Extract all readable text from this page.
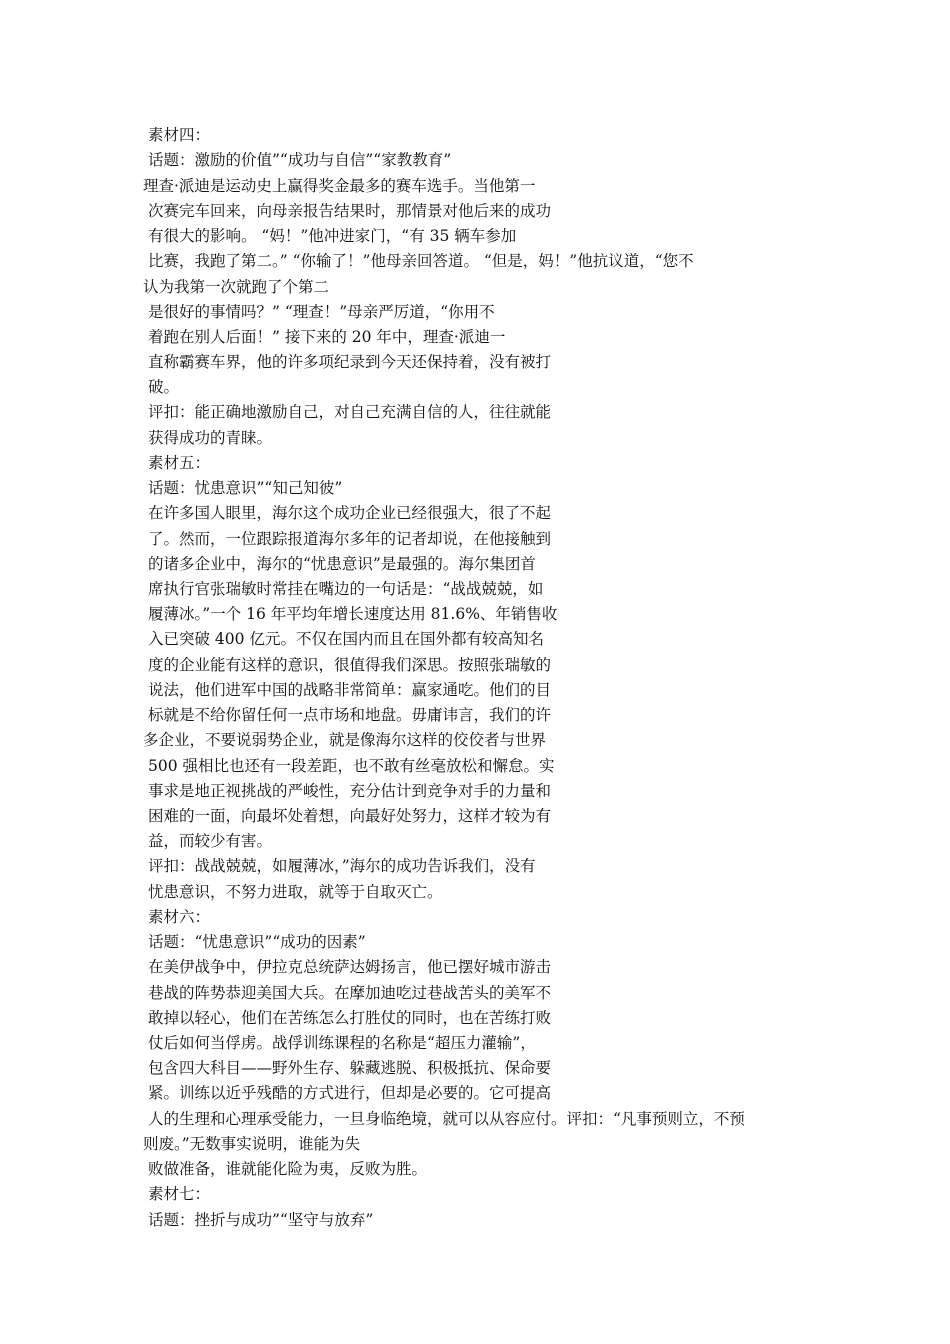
素材四：
话题：激励的价值”“成功与自信”“家教教育”
理查·派迪是运动史上赢得奖金最多的赛车选手。当他第一
次赛完车回来，向母亲报告结果时，那情景对他后来的成功
有很大的影响。 “妈！”他冲进家门，“有 35 辆车参加
比赛，我跑了第二。” “你输了！”他母亲回答道。 “但是，妈！”他抗议道，“您不
认为我第一次就跑了个第二
是很好的事情吗？” “理查！”母亲严厉道，“你用不
着跑在别人后面！” 接下来的 20 年中，理查·派迪一
直称霸赛车界，他的许多项纪录到今天还保持着，没有被打
破。
评扣：能正确地激励自己，对自己充满自信的人，往往就能
获得成功的青睐。
素材五：
话题：忧患意识”“知己知彼”
在许多国人眼里，海尔这个成功企业已经很强大，很了不起
了。然而，一位跟踪报道海尔多年的记者却说，在他接触到
的诸多企业中，海尔的“忧患意识”是最强的。海尔集团首
席执行官张瑞敏时常挂在嘴边的一句话是：“战战兢兢，如
履薄冰。”一个 16 年平均年增长速度达用 81.6%、年销售收
入已突破 400 亿元。不仅在国内而且在国外都有较高知名
度的企业能有这样的意识，很值得我们深思。按照张瑞敏的
说法，他们进军中国的战略非常简单：赢家通吃。他们的目
标就是不给你留任何一点市场和地盘。毋庸讳言，我们的许
多企业，不要说弱势企业，就是像海尔这样的佼佼者与世界
500 强相比也还有一段差距，也不敢有丝毫放松和懈怠。实
事求是地正视挑战的严峻性，充分估计到竞争对手的力量和
困难的一面，向最坏处着想，向最好处努力，这样才较为有
益，而较少有害。
评扣：战战兢兢，如履薄冰，”海尔的成功告诉我们，没有
忧患意识，不努力进取，就等于自取灭亡。
素材六：
话题：“忧患意识”“成功的因素”
在美伊战争中，伊拉克总统萨达姆扬言，他已摆好城市游击
巷战的阵势恭迎美国大兵。在摩加迪吃过巷战苦头的美军不
敢掉以轻心，他们在苦练怎么打胜仗的同时，也在苦练打败
仗后如何当俘虏。战俘训练课程的名称是“超压力灌输”，
包含四大科目——野外生存、躲藏逃脱、积极抵抗、保命要
紧。训练以近乎残酷的方式进行，但却是必要的。它可提高
人的生理和心理承受能力，一旦身临绝境，就可以从容应付。评扣：“凡事预则立，不预
则废。”无数事实说明，谁能为失
败做准备，谁就能化险为夷，反败为胜。
素材七：
话题：挫折与成功”“坚守与放弃”
